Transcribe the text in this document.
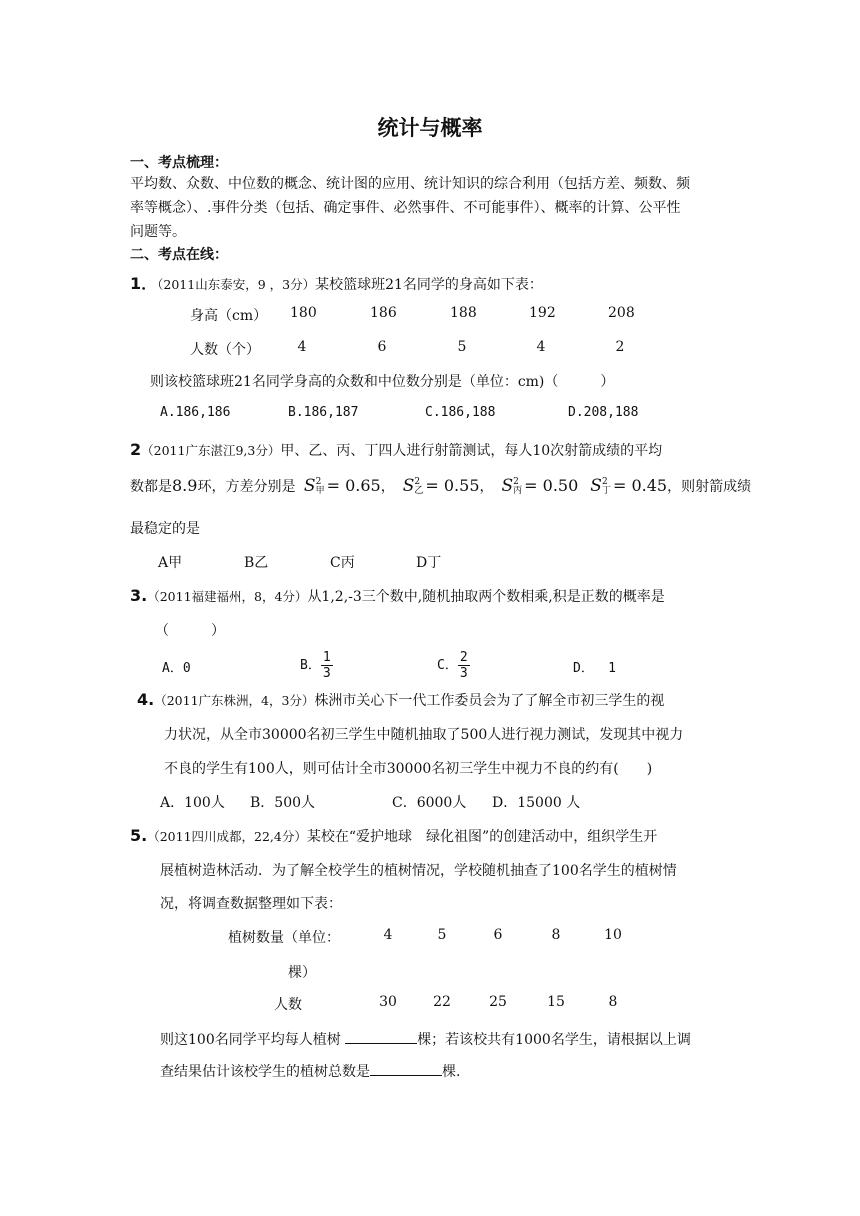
统计与概率
一、考点梳理：
平均数、众数、中位数的概念、统计图的应用、统计知识的综合利用（包括方差、频数、频
率等概念）、.事件分类（包括、确定事件、必然事件、不可能事件）、概率的计算、公平性
问题等。
二、考点在线：
1．（2011山东泰安，9 ，3分）某校篮球班21名同学的身高如下表：
身高（cm） 180	186	188	192	208
人数（个）	4	6	5	4	2
则该校篮球班21名同学身高的众数和中位数分别是（单位：cm)（　　　）
A.186,186	B.186,187	C.186,188	D.208,188
2（2011广东湛江9,3分）甲、乙、丙、丁四人进行射箭测试，每人10次射箭成绩的平均
数都是8.9环，方差分别是 S2
甲 = 0.65， S2
乙 = 0.55， S2
丙 = 0.50 S2
丁 = 0.45，则射箭成绩
最稳定的是
A甲	B乙	C丙	D丁
3.（2011福建福州，8，4分）从1,2,-3三个数中,随机抽取两个数相乘,积是正数的概率是
（　　　）
A．0	B． $\frac{1}{3}$	C． $\frac{2}{3}$	D．　 1
4.（2011广东株洲，4，3分）株洲市关心下一代工作委员会为了了解全市初三学生的视
力状况，从全市30000名初三学生中随机抽取了500人进行视力测试，发现其中视力
不良的学生有100人，则可估计全市30000名初三学生中视力不良的约有(　　)
A．100人 B．500人	C．6000人 D．15000 人
5.（2011四川成都，22,4分）某校在“爱护地球　绿化祖图”的创建活动中，组织学生开
展植树造林活动．为了解全校学生的植树情况，学校随机抽查了100名学生的植树情
况，将调查数据整理如下表：
植树数量（单位：
棵）
4	5	6	8	10
人数	30	22	25	15	8
则这100名同学平均每人植树	棵；若该校共有1000名学生，请根据以上调
查结果估计该校学生的植树总数是	棵.
